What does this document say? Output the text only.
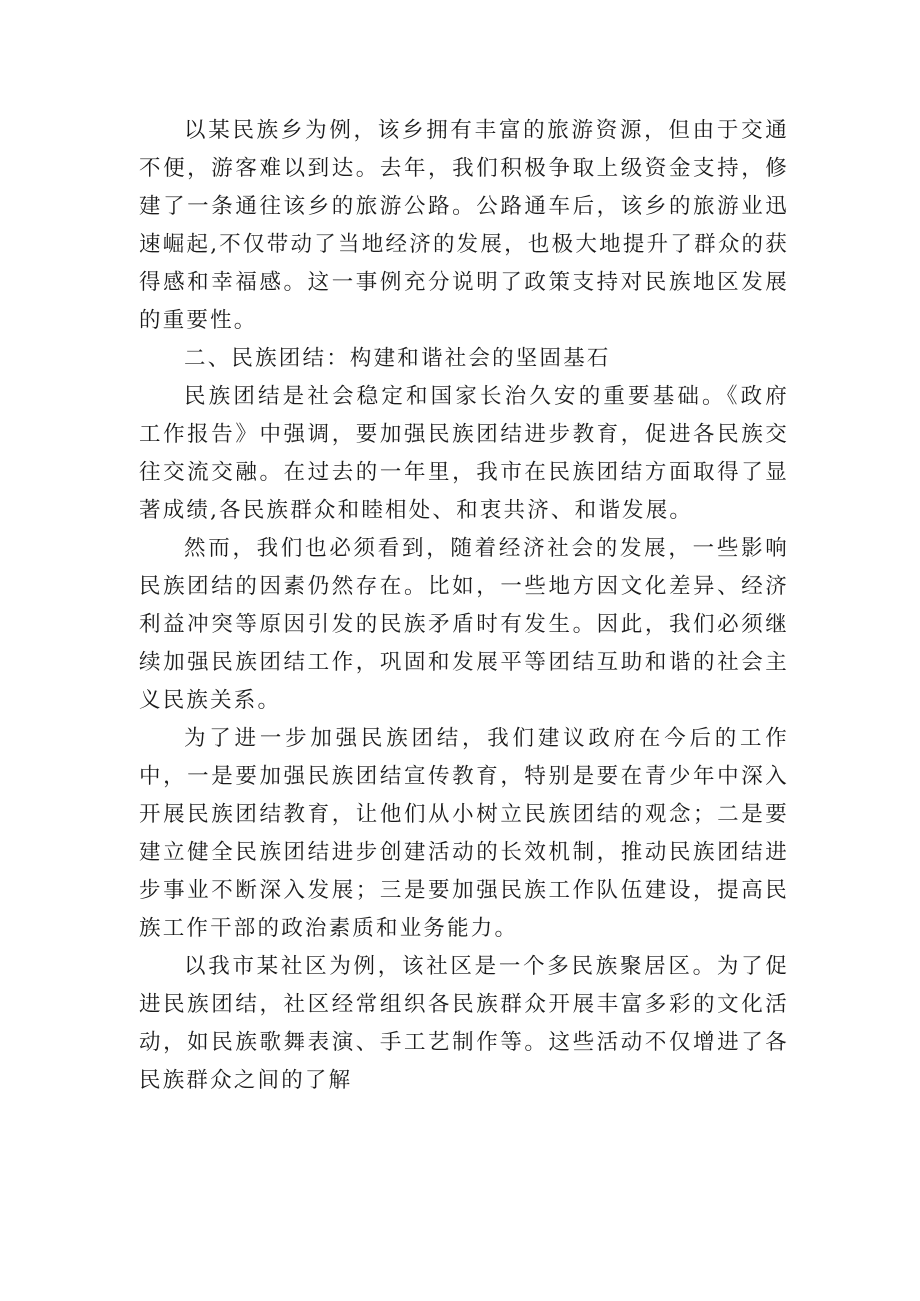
以某民族乡为例，该乡拥有丰富的旅游资源，但由于交通不便，游客难以到达。去年，我们积极争取上级资金支持，修建了一条通往该乡的旅游公路。公路通车后，该乡的旅游业迅速崛起,不仅带动了当地经济的发展，也极大地提升了群众的获得感和幸福感。这一事例充分说明了政策支持对民族地区发展的重要性。

二、民族团结：构建和谐社会的坚固基石

民族团结是社会稳定和国家长治久安的重要基础。《政府工作报告》中强调，要加强民族团结进步教育，促进各民族交往交流交融。在过去的一年里，我市在民族团结方面取得了显著成绩,各民族群众和睦相处、和衷共济、和谐发展。

然而，我们也必须看到，随着经济社会的发展，一些影响民族团结的因素仍然存在。比如，一些地方因文化差异、经济利益冲突等原因引发的民族矛盾时有发生。因此，我们必须继续加强民族团结工作，巩固和发展平等团结互助和谐的社会主义民族关系。

为了进一步加强民族团结，我们建议政府在今后的工作中，一是要加强民族团结宣传教育，特别是要在青少年中深入开展民族团结教育，让他们从小树立民族团结的观念；二是要建立健全民族团结进步创建活动的长效机制，推动民族团结进步事业不断深入发展；三是要加强民族工作队伍建设，提高民族工作干部的政治素质和业务能力。

以我市某社区为例，该社区是一个多民族聚居区。为了促进民族团结，社区经常组织各民族群众开展丰富多彩的文化活动，如民族歌舞表演、手工艺制作等。这些活动不仅增进了各民族群众之间的了解
